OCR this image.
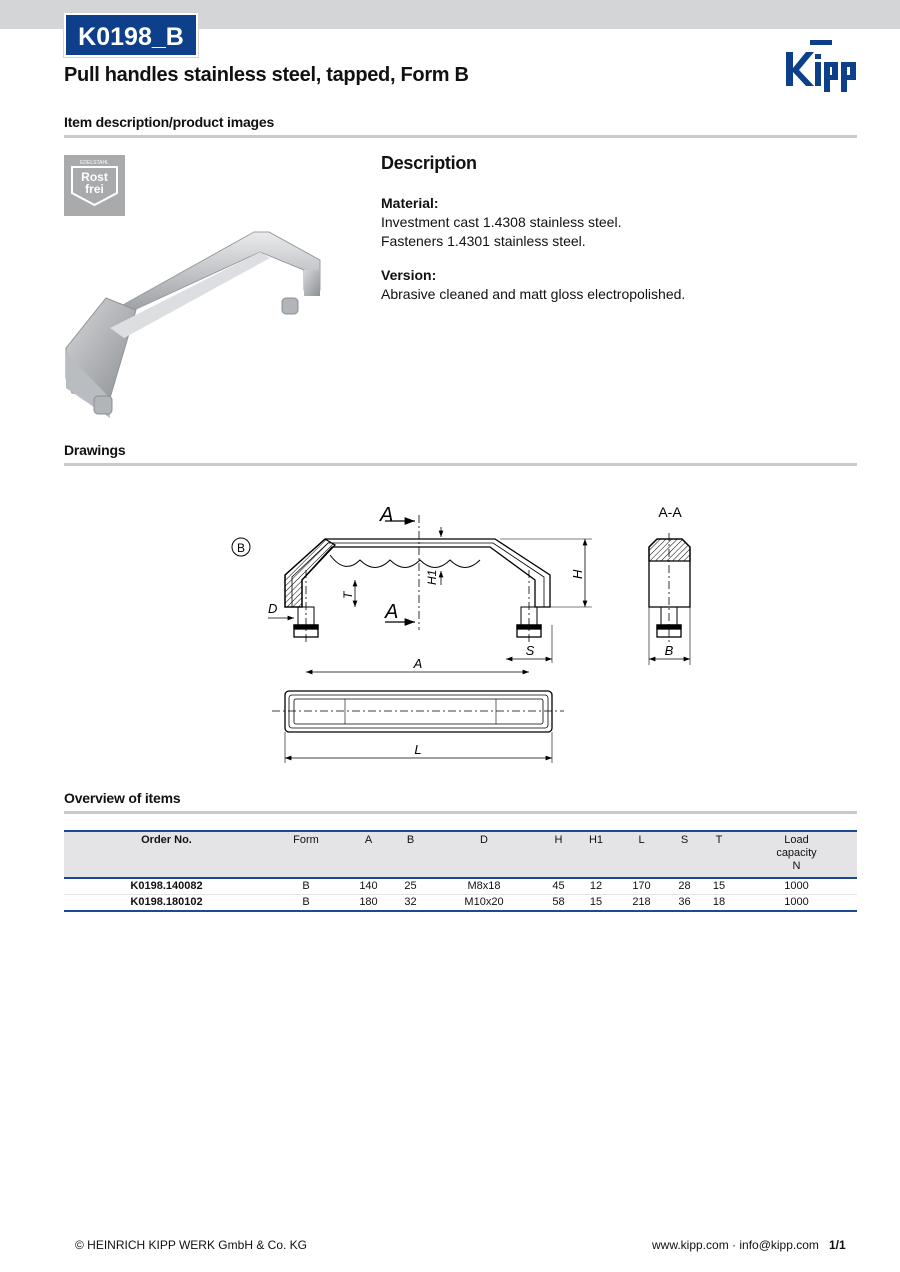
K0198_B
Pull handles stainless steel, tapped, Form B
Kipp
Item description/product images
EDELSTAHL
Rost
frei
Description
Material:

Investment cast 1.4308 stainless steel.

Fasteners 1.4301 stainless steel.

Version:

Abrasive cleaned and matt gloss electropolished.

Drawings
B
A
A
D
T
H1	H
A
S
L
A-A
B
Overview of items
Order No.	Form	A	B	D	H	H1	L	S	T	Load
capacity
N

K0198.140082	B	140	25	M8x18	45	12	170	28	15	1000
K0198.180102	B	180	32	M10x20	58	15	218	36	18	1000
© HEINRICH KIPP WERK GmbH & Co. KG	www.kipp.com · info@kipp.com 1/1
